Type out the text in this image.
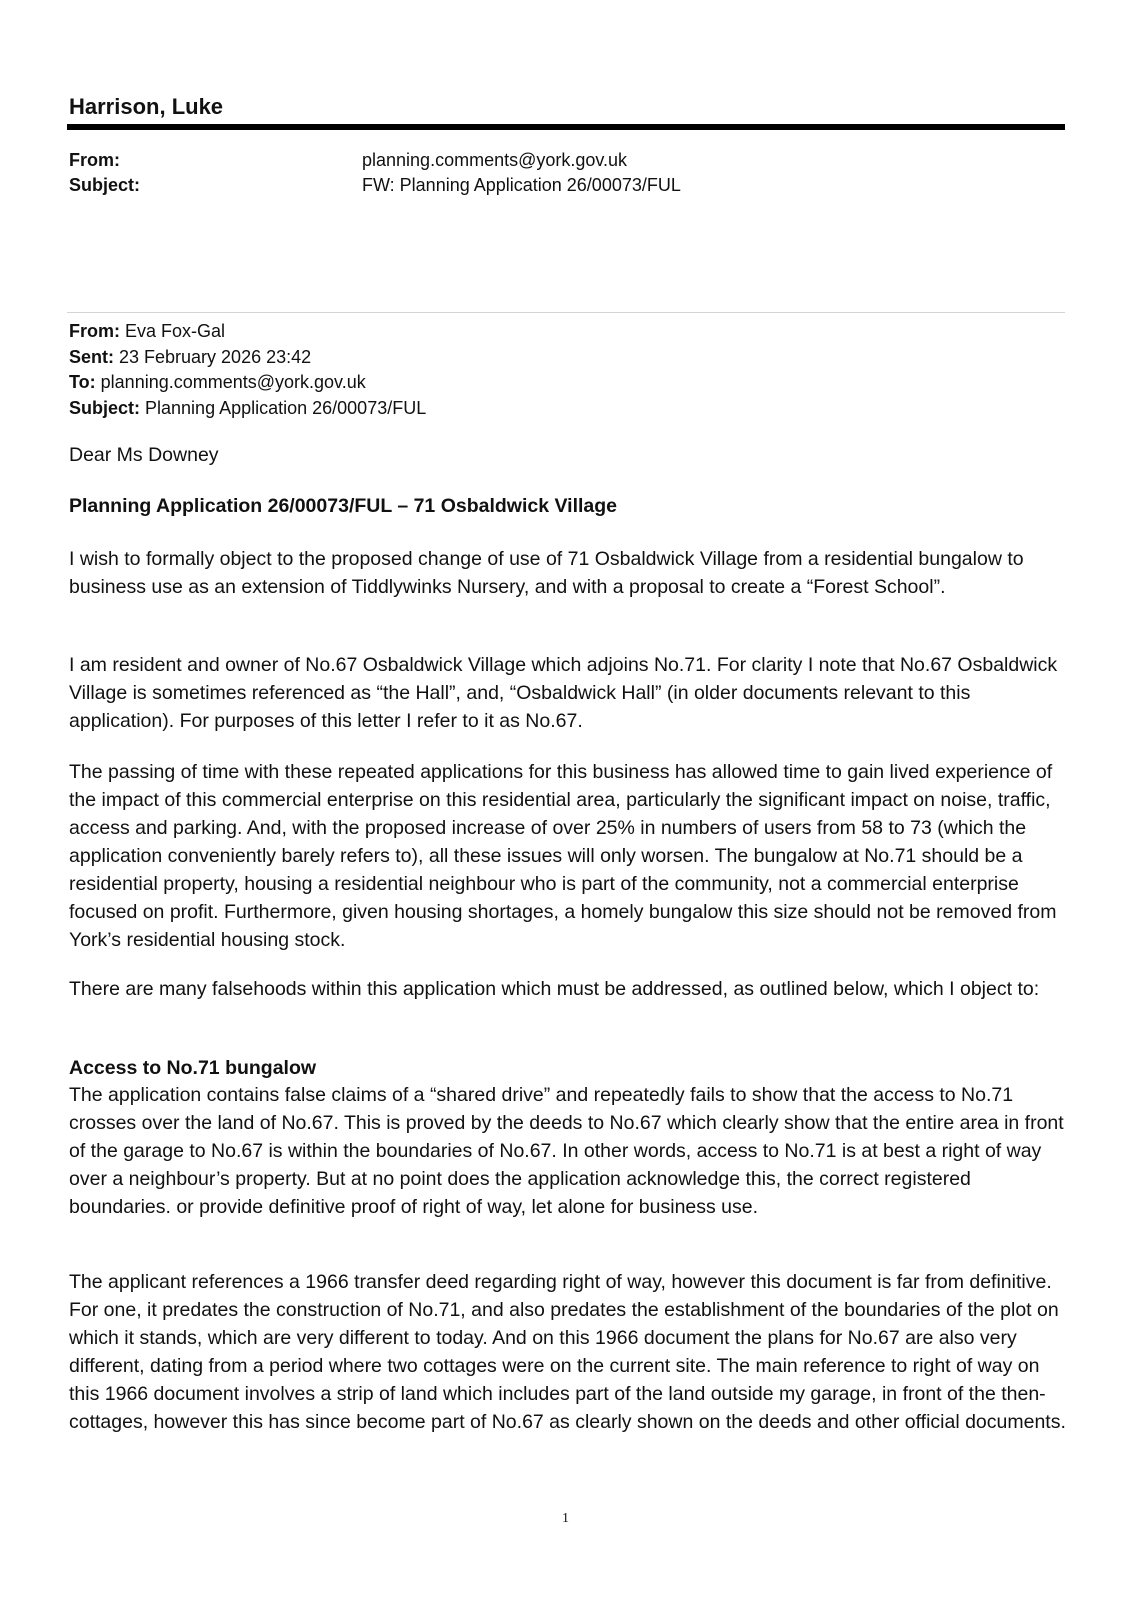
Harrison, Luke
From:	planning.comments@york.gov.uk
Subject:	FW: Planning Application 26/00073/FUL
From: Eva Fox-Gal
Sent: 23 February 2026 23:42
To: planning.comments@york.gov.uk
Subject: Planning Application 26/00073/FUL
Dear Ms Downey
Planning Application 26/00073/FUL – 71 Osbaldwick Village

I wish to formally object to the proposed change of use of 71 Osbaldwick Village from a residential bungalow to business use as an extension of Tiddlywinks Nursery, and with a proposal to create a “Forest School”.

I am resident and owner of No.67 Osbaldwick Village which adjoins No.71. For clarity I note that No.67 Osbaldwick Village is sometimes referenced as “the Hall”, and, “Osbaldwick Hall” (in older documents relevant to this application). For purposes of this letter I refer to it as No.67.

The passing of time with these repeated applications for this business has allowed time to gain lived experience of the impact of this commercial enterprise on this residential area, particularly the significant impact on noise, traffic, access and parking. And, with the proposed increase of over 25% in numbers of users from 58 to 73 (which the application conveniently barely refers to), all these issues will only worsen. The bungalow at No.71 should be a residential property, housing a residential neighbour who is part of the community, not a commercial enterprise focused on profit. Furthermore, given housing shortages, a homely bungalow this size should not be removed from York’s residential housing stock.

There are many falsehoods within this application which must be addressed, as outlined below, which I object to:

Access to No.71 bungalow

The application contains false claims of a “shared drive” and repeatedly fails to show that the access to No.71 crosses over the land of No.67. This is proved by the deeds to No.67 which clearly show that the entire area in front of the garage to No.67 is within the boundaries of No.67. In other words, access to No.71 is at best a right of way over a neighbour’s property. But at no point does the application acknowledge this, the correct registered boundaries. or provide definitive proof of right of way, let alone for business use.

The applicant references a 1966 transfer deed regarding right of way, however this document is far from definitive. For one, it predates the construction of No.71, and also predates the establishment of the boundaries of the plot on which it stands, which are very different to today. And on this 1966 document the plans for No.67 are also very different, dating from a period where two cottages were on the current site. The main reference to right of way on this 1966 document involves a strip of land which includes part of the land outside my garage, in front of the then-cottages, however this has since become part of No.67 as clearly shown on the deeds and other official documents.

1
